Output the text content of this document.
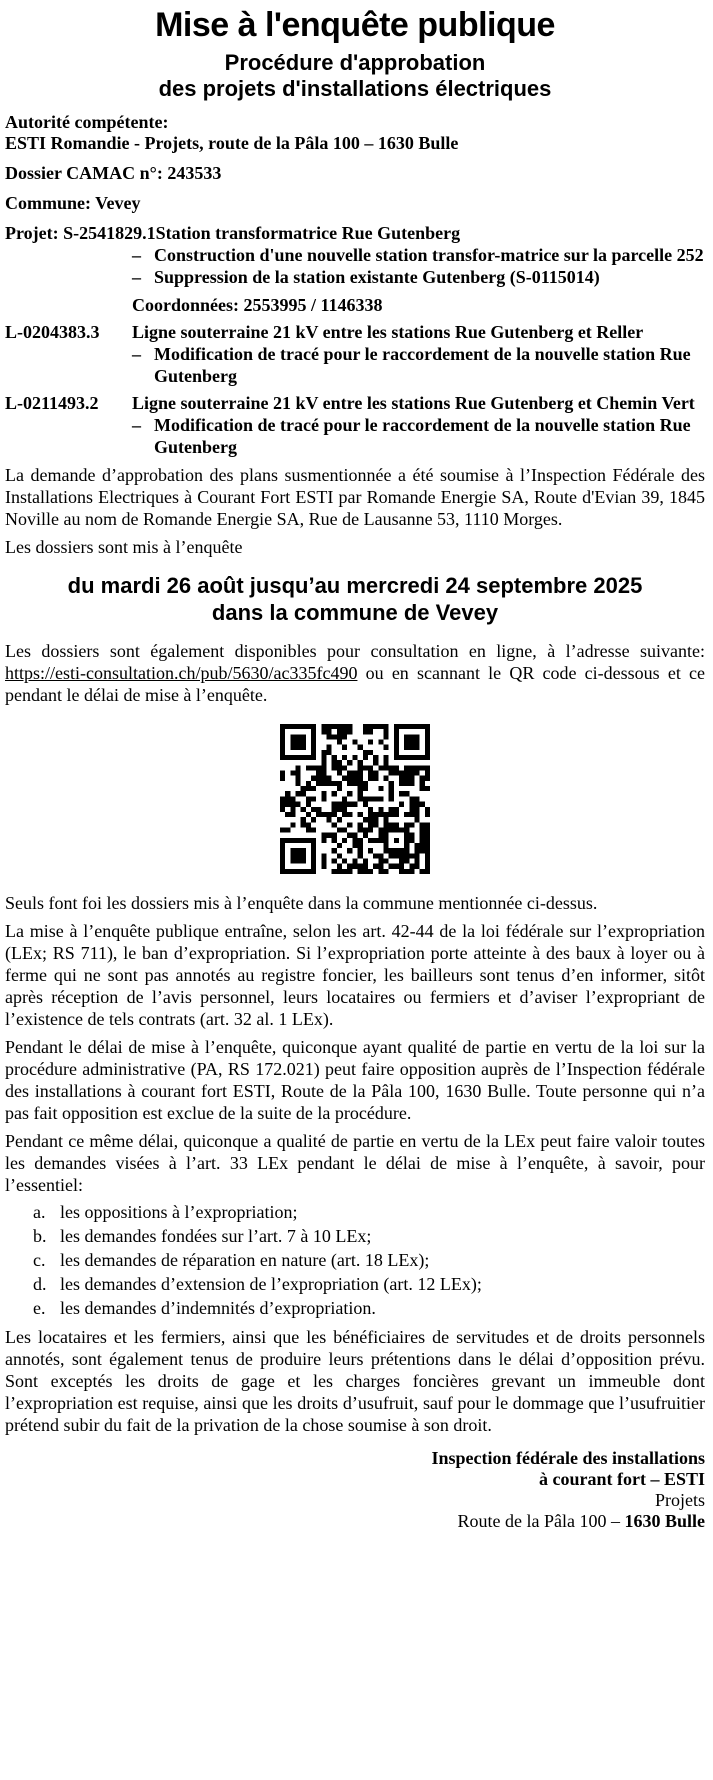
Mise à l'enquête publique
Procédure d'approbation
des projets d'installations électriques
Autorité compétente:
ESTI Romandie - Projets, route de la Pâla 100 – 1630 Bulle
Dossier CAMAC n°: 243533
Commune: Vevey
Projet: S-2541829.1 Station transformatrice Rue Gutenberg
– Construction d'une nouvelle station transfor-matrice sur la parcelle 252
– Suppression de la station existante Gutenberg (S-0115014)
Coordonnées: 2553995 / 1146338
L-0204383.3	Ligne souterraine 21 kV entre les stations Rue Gutenberg et Reller
– Modification de tracé pour le raccordement de la nouvelle station Rue Gutenberg
L-0211493.2	Ligne souterraine 21 kV entre les stations Rue Gutenberg et Chemin Vert
– Modification de tracé pour le raccordement de la nouvelle station Rue Gutenberg

La demande d’approbation des plans susmentionnée a été soumise à l’Inspection Fédérale des Installations Electriques à Courant Fort ESTI par Romande Energie SA, Route d'Evian 39, 1845 Noville au nom de Romande Energie SA, Rue de Lausanne 53, 1110 Morges.

Les dossiers sont mis à l’enquête

du mardi 26 août jusqu’au mercredi 24 septembre 2025
dans la commune de Vevey

Les dossiers sont également disponibles pour consultation en ligne, à l’adresse suivante: https://esti-consultation.ch/pub/5630/ac335fc490 ou en scannant le QR code ci-dessous et ce pendant le délai de mise à l’enquête.

Seuls font foi les dossiers mis à l’enquête dans la commune mentionnée ci-dessus.

La mise à l’enquête publique entraîne, selon les art. 42-44 de la loi fédérale sur l’expropriation (LEx; RS 711), le ban d’expropriation. Si l’expropriation porte atteinte à des baux à loyer ou à ferme qui ne sont pas annotés au registre foncier, les bailleurs sont tenus d’en informer, sitôt après réception de l’avis personnel, leurs locataires ou fermiers et d’aviser l’expropriant de l’existence de tels contrats (art. 32 al. 1 LEx).

Pendant le délai de mise à l’enquête, quiconque ayant qualité de partie en vertu de la loi sur la procédure administrative (PA, RS 172.021) peut faire opposition auprès de l’Inspection fédérale des installations à courant fort ESTI, Route de la Pâla 100, 1630 Bulle. Toute personne qui n’a pas fait opposition est exclue de la suite de la procédure.

Pendant ce même délai, quiconque a qualité de partie en vertu de la LEx peut faire valoir toutes les demandes visées à l’art. 33 LEx pendant le délai de mise à l’enquête, à savoir, pour l’essentiel:

a. les oppositions à l’expropriation;
b. les demandes fondées sur l’art. 7 à 10 LEx;
c. les demandes de réparation en nature (art. 18 LEx);
d. les demandes d’extension de l’expropriation (art. 12 LEx);
e. les demandes d’indemnités d’expropriation.

Les locataires et les fermiers, ainsi que les bénéficiaires de servitudes et de droits personnels annotés, sont également tenus de produire leurs prétentions dans le délai d’opposition prévu. Sont exceptés les droits de gage et les charges foncières grevant un immeuble dont l’expropriation est requise, ainsi que les droits d’usufruit, sauf pour le dommage que l’usufruitier prétend subir du fait de la privation de la chose soumise à son droit.

Inspection fédérale des installations
à courant fort – ESTI
Projets
Route de la Pâla 100 – 1630 Bulle
